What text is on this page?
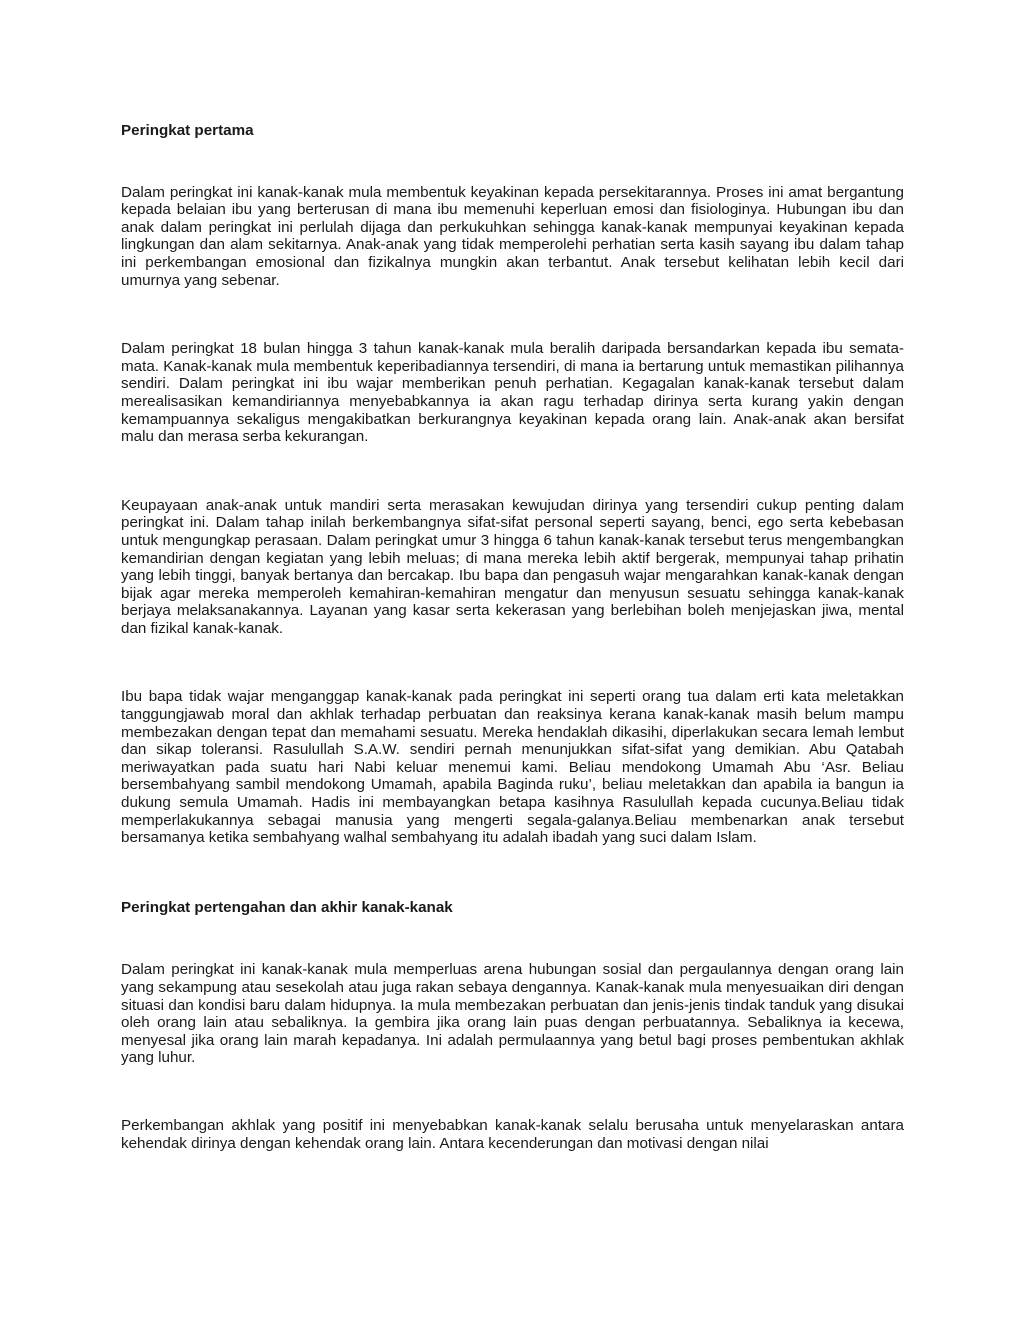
Peringkat pertama

Dalam peringkat ini kanak-kanak mula membentuk keyakinan kepada persekitarannya. Proses ini amat bergantung kepada belaian ibu yang berterusan di mana ibu memenuhi keperluan emosi dan fisiologinya. Hubungan ibu dan anak dalam peringkat ini perlulah dijaga dan perkukuhkan sehingga kanak-kanak mempunyai keyakinan kepada lingkungan dan alam sekitarnya. Anak-anak yang tidak memperolehi perhatian serta kasih sayang ibu dalam tahap ini perkembangan emosional dan fizikalnya mungkin akan terbantut. Anak tersebut kelihatan lebih kecil dari umurnya yang sebenar.

Dalam peringkat 18 bulan hingga 3 tahun kanak-kanak mula beralih daripada bersandarkan kepada ibu semata-mata. Kanak-kanak mula membentuk keperibadiannya tersendiri, di mana ia bertarung untuk memastikan pilihannya sendiri. Dalam peringkat ini ibu wajar memberikan penuh perhatian. Kegagalan kanak-kanak tersebut dalam merealisasikan kemandiriannya menyebabkannya ia akan ragu terhadap dirinya serta kurang yakin dengan kemampuannya sekaligus mengakibatkan berkurangnya keyakinan kepada orang lain. Anak-anak akan bersifat malu dan merasa serba kekurangan.

Keupayaan anak-anak untuk mandiri serta merasakan kewujudan dirinya yang tersendiri cukup penting dalam peringkat ini. Dalam tahap inilah berkembangnya sifat-sifat personal seperti sayang, benci, ego serta kebebasan untuk mengungkap perasaan. Dalam peringkat umur 3 hingga 6 tahun kanak-kanak tersebut terus mengembangkan kemandirian dengan kegiatan yang lebih meluas; di mana mereka lebih aktif bergerak, mempunyai tahap prihatin yang lebih tinggi, banyak bertanya dan bercakap. Ibu bapa dan pengasuh wajar mengarahkan kanak-kanak dengan bijak agar mereka memperoleh kemahiran-kemahiran mengatur dan menyusun sesuatu sehingga kanak-kanak berjaya melaksanakannya. Layanan yang kasar serta kekerasan yang berlebihan boleh menjejaskan jiwa, mental dan fizikal kanak-kanak.

Ibu bapa tidak wajar menganggap kanak-kanak pada peringkat ini seperti orang tua dalam erti kata meletakkan tanggungjawab moral dan akhlak terhadap perbuatan dan reaksinya kerana kanak-kanak masih belum mampu membezakan dengan tepat dan memahami sesuatu. Mereka hendaklah dikasihi, diperlakukan secara lemah lembut dan sikap toleransi. Rasulullah S.A.W. sendiri pernah menunjukkan sifat-sifat yang demikian. Abu Qatabah meriwayatkan pada suatu hari Nabi keluar menemui kami. Beliau mendokong Umamah Abu ‘Asr. Beliau bersembahyang sambil mendokong Umamah, apabila Baginda ruku’, beliau meletakkan dan apabila ia bangun ia dukung semula Umamah. Hadis ini membayangkan betapa kasihnya Rasulullah kepada cucunya.Beliau tidak memperlakukannya sebagai manusia yang mengerti segala-galanya.Beliau membenarkan anak tersebut bersamanya ketika sembahyang walhal sembahyang itu adalah ibadah yang suci dalam Islam.

Peringkat pertengahan dan akhir kanak-kanak

Dalam peringkat ini kanak-kanak mula memperluas arena hubungan sosial dan pergaulannya dengan orang lain yang sekampung atau sesekolah atau juga rakan sebaya dengannya. Kanak-kanak mula menyesuaikan diri dengan situasi dan kondisi baru dalam hidupnya. Ia mula membezakan perbuatan dan jenis-jenis tindak tanduk yang disukai oleh orang lain atau sebaliknya. Ia gembira jika orang lain puas dengan perbuatannya. Sebaliknya ia kecewa, menyesal jika orang lain marah kepadanya. Ini adalah permulaannya yang betul bagi proses pembentukan akhlak yang luhur.

Perkembangan akhlak yang positif ini menyebabkan kanak-kanak selalu berusaha untuk menyelaraskan antara kehendak dirinya dengan kehendak orang lain. Antara kecenderungan dan motivasi dengan nilai
